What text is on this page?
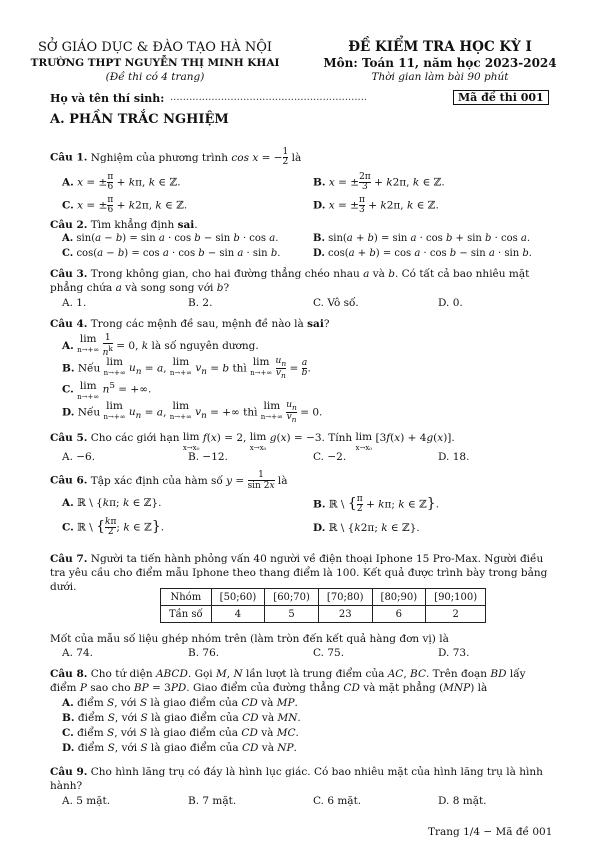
SỞ GIÁO DỤC & ĐÀO TẠO HÀ NỘI
TRƯỜNG THPT NGUYỄN THỊ MINH KHAI
(Đề thi có 4 trang)
ĐỀ KIỂM TRA HỌC KỲ I
Môn: Toán 11, năm học 2023-2024
Thời gian làm bài 90 phút
Họ và tên thí sinh: ..............................................................	Mã đề thi 001
A. PHẦN TRẮC NGHIỆM
Câu 1. Nghiệm của phương trình cos x = − $\frac{1}{2}$ là
A. x = ± $\frac{\pi}{6} + k\pi$, k ∈ ℤ.	B. x = ± $\frac{2\pi}{3} + k2\pi$, k ∈ ℤ.
C. x = ± $\frac{\pi}{6} + k2\pi$, k ∈ ℤ.	D. x = ± $\frac{\pi}{3} + k2\pi$, k ∈ ℤ.
Câu 2. Tìm khẳng định sai.
A. sin(a − b) = sin a · cos b − sin b · cos a.	B. sin(a + b) = sin a · cos b + sin b · cos a.
C. cos(a − b) = cos a · cos b − sin a · sin b.	D. cos(a + b) = cos a · cos b − sin a · sin b.
Câu 3. Trong không gian, cho hai đường thẳng chéo nhau a và b. Có tất cả bao nhiêu mặt phẳng chứa a và song song với b?
A. 1.	B. 2.	C. Vô số.	D. 0.
Câu 4. Trong các mệnh đề sau, mệnh đề nào là sai?
A. lim
$n\to+\infty \frac{1}{n^k} = 0$, k là số nguyên dương.
B. Nếu lim
n→+∞ $u_n = a$, lim
n→+∞ $v_n = b$ thì lim
$n\to+\infty \frac{u_n}{v_n} = \frac{a}{b}$ .
C. lim
n→+∞ $n^5$ = +∞.
D. Nếu lim
n→+∞ $u_n = a$, lim
n→+∞ $v_n$ = +∞ thì lim
$n\to+\infty \frac{u_n}{v_n} = 0$.
Câu 5. Cho các giới hạn lim
x→x₀ f(x) = 2, lim
x→x₀ g(x) = −3. Tính lim
x→x₀ [3f(x) + 4g(x)].
A. −6.	B. −12.	C. −2.	D. 18.
Câu 6. Tập xác định của hàm số $y = \frac{1}{\sin 2x}$ là
A. ℝ \ {kπ; k ∈ ℤ}.	B. ℝ \ { $\frac{\pi}{2} + k\pi$; k ∈ ℤ}.
C. ℝ \ { $\frac{k\pi}{2}$ ; k ∈ ℤ}.	D. ℝ \ {k2π; k ∈ ℤ}.
Câu 7. Người ta tiến hành phỏng vấn 40 người về điện thoại Iphone 15 Pro-Max. Người điều tra yêu cầu cho điểm mẫu Iphone theo thang điểm là 100. Kết quả được trình bày trong bảng dưới.
Nhóm	[50;60)	[60;70)	[70;80)	[80;90)	[90;100)
Tần số	4	5	23	6	2
Mốt của mẫu số liệu ghép nhóm trên (làm tròn đến kết quả hàng đơn vị) là
A. 74.	B. 76.	C. 75.	D. 73.
Câu 8. Cho tứ diện ABCD. Gọi M, N lần lượt là trung điểm của AC, BC. Trên đoạn BD lấy điểm P sao cho BP = 3PD. Giao điểm của đường thẳng CD và mặt phẳng (MNP) là
A. điểm S, với S là giao điểm của CD và MP.
B. điểm S, với S là giao điểm của CD và MN.
C. điểm S, với S là giao điểm của CD và MC.
D. điểm S, với S là giao điểm của CD và NP.
Câu 9. Cho hình lăng trụ có đáy là hình lục giác. Có bao nhiêu mặt của hình lăng trụ là hình hành?
A. 5 mặt.	B. 7 mặt.	C. 6 mặt.	D. 8 mặt.
Trang 1/4 − Mã đề 001
